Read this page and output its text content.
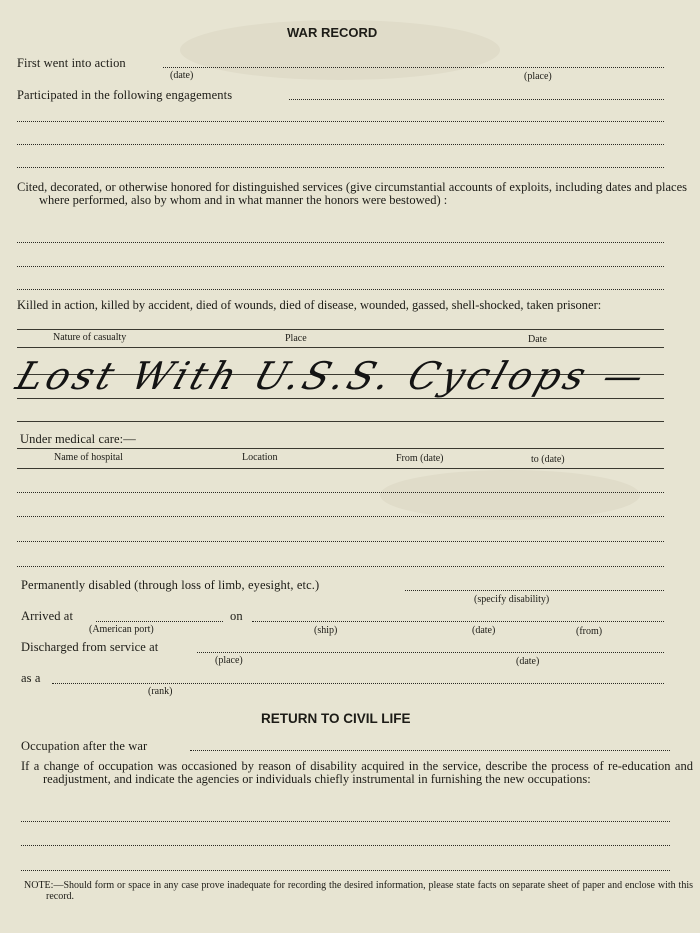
WAR RECORD
First went into action
(date)	(place)
Participated in the following engagements
Cited, decorated, or otherwise honored for distinguished services (give circumstantial accounts of exploits, including dates and places where performed, also by whom and in what manner the honors were bestowed) :
Killed in action, killed by accident, died of wounds, died of disease, wounded, gassed, shell-shocked, taken prisoner:
Nature of casualty	Place	Date
Lost With U.S.S. Cyclops —
Under medical care:—
Name of hospital	Location	From (date)	to (date)
Permanently disabled (through loss of limb, eyesight, etc.)
(specify disability)
Arrived at	on
(American port)	(ship)	(date)	(from)
Discharged from service at
(place)	(date)
as a
(rank)
RETURN TO CIVIL LIFE
Occupation after the war
If a change of occupation was occasioned by reason of disability acquired in the service, describe the process of re-education and readjustment, and indicate the agencies or individuals chiefly instrumental in furnishing the new occupations:
NOTE:—Should form or space in any case prove inadequate for recording the desired information, please state facts on separate sheet of paper and enclose with this record.
